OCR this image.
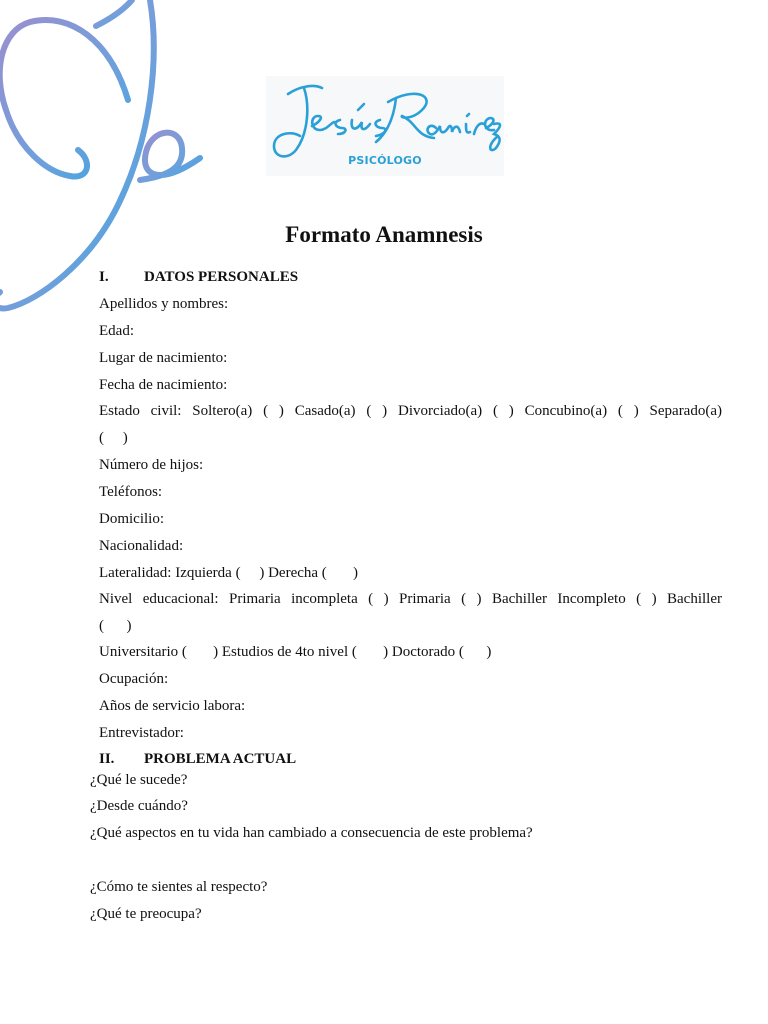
PSICÓLOGO
Formato Anamnesis
I. DATOS PERSONALES
Apellidos y nombres:
Edad:
Lugar de nacimiento:
Fecha de nacimiento:
Estado civil: Soltero(a) ( ) Casado(a) ( ) Divorciado(a) ( ) Concubino(a) ( ) Separado(a)
(     )
Número de hijos:
Teléfonos:
Domicilio:
Nacionalidad:
Lateralidad: Izquierda (     ) Derecha (       )
Nivel educacional: Primaria incompleta ( ) Primaria ( ) Bachiller Incompleto ( ) Bachiller
(      )
Universitario (       ) Estudios de 4to nivel (       ) Doctorado (      )
Ocupación:
Años de servicio labora:
Entrevistador:
II. PROBLEMA ACTUAL
¿Qué le sucede?
¿Desde cuándo?
¿Qué aspectos en tu vida han cambiado a consecuencia de este problema?
¿Cómo te sientes al respecto?
¿Qué te preocupa?
